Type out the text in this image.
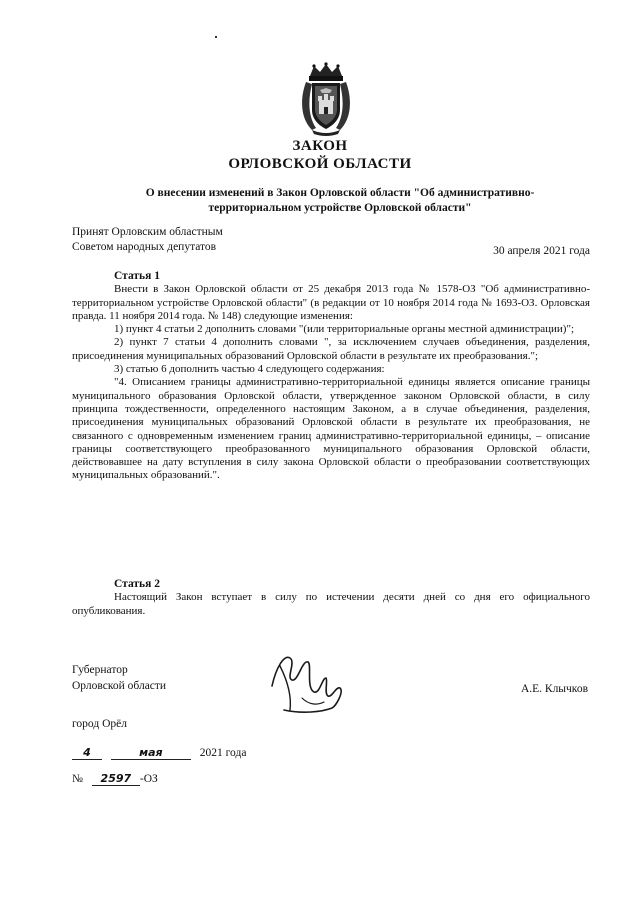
ЗАКОН
ОРЛОВСКОЙ ОБЛАСТИ
О внесении изменений в Закон Орловской области "Об административно-
территориальном устройстве Орловской области"
Принят Орловским областным
Советом народных депутатов	30 апреля 2021 года

Статья 1

Внести в Закон Орловской области от 25 декабря 2013 года № 1578-ОЗ "Об административно-территориальном устройстве Орловской области" (в редакции от 10 ноября 2014 года № 1693-ОЗ. Орловская правда. 11 ноября 2014 года. № 148) следующие изменения:

1) пункт 4 статьи 2 дополнить словами "(или территориальные органы местной администрации)";

2) пункт 7 статьи 4 дополнить словами ", за исключением случаев объединения, разделения, присоединения муниципальных образований Орловской области в результате их преобразования.";

3) статью 6 дополнить частью 4 следующего содержания:

"4. Описанием границы административно-территориальной единицы является описание границы муниципального образования Орловской области, утвержденное законом Орловской области, в силу принципа тождественности, определенного настоящим Законом, а в случае объединения, разделения, присоединения муниципальных образований Орловской области в результате их преобразования, не связанного с одновременным изменением границ административно-территориальной единицы, – описание границы соответствующего преобразованного муниципального образования Орловской области, действовавшее на дату вступления в силу закона Орловской области о преобразовании соответствующих муниципальных образований.".

Статья 2

Настоящий Закон вступает в силу по истечении десяти дней со дня его официального опубликования.

Губернатор
Орловской области	А.Е. Клычков
город Орёл
4	мая	2021 года
№ 2597 -ОЗ
